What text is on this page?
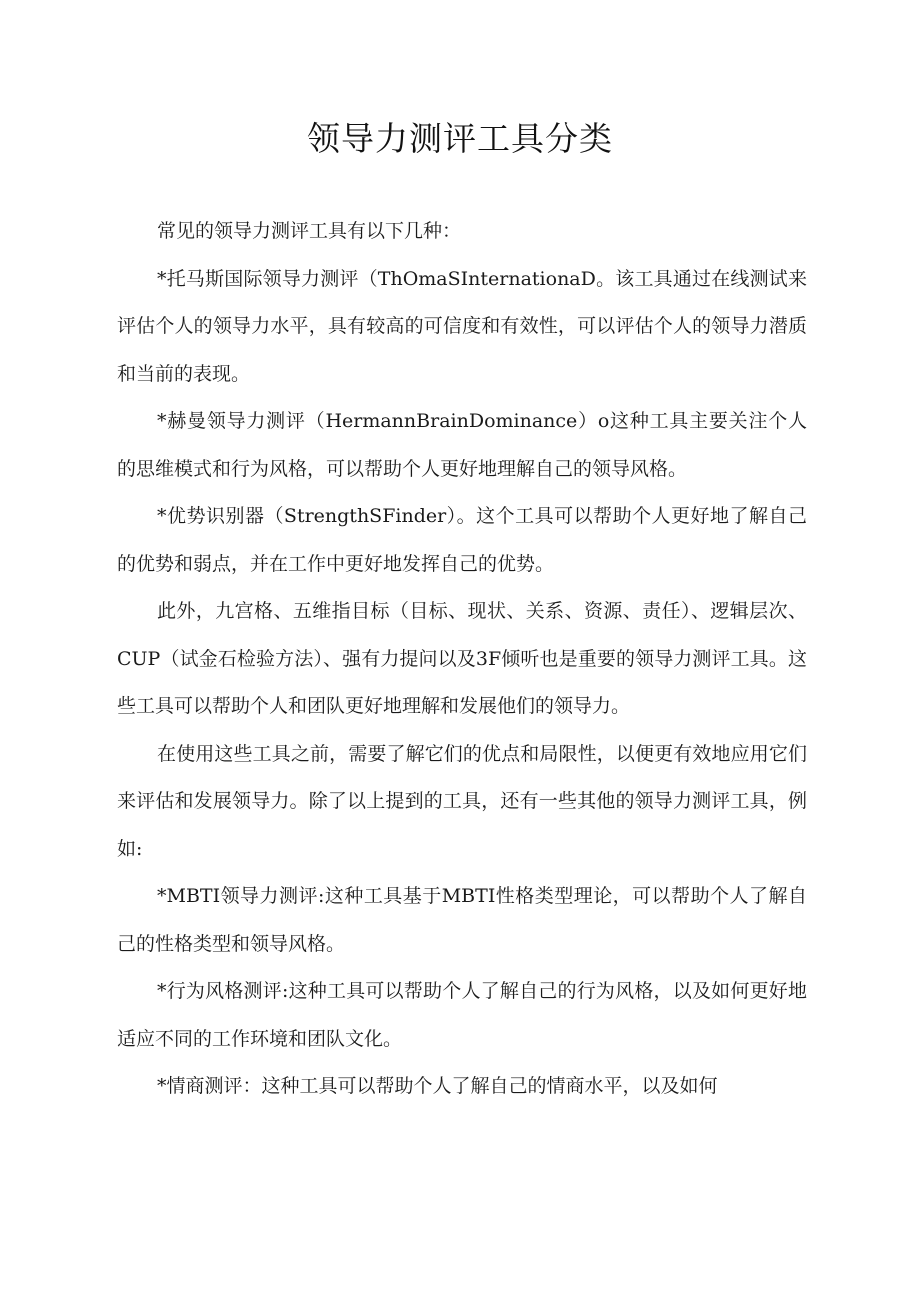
领导力测评工具分类

常见的领导力测评工具有以下几种：

*托马斯国际领导力测评（ThOmaSInternationaD。该工具通过在线测试来评估个人的领导力水平，具有较高的可信度和有效性，可以评估个人的领导力潜质和当前的表现。

*赫曼领导力测评（HermannBrainDominance）o这种工具主要关注个人的思维模式和行为风格，可以帮助个人更好地理解自己的领导风格。

*优势识别器（StrengthSFinder）。这个工具可以帮助个人更好地了解自己的优势和弱点，并在工作中更好地发挥自己的优势。

此外，九宫格、五维指目标（目标、现状、关系、资源、责任）、逻辑层次、CUP（试金石检验方法）、强有力提问以及3F倾听也是重要的领导力测评工具。这些工具可以帮助个人和团队更好地理解和发展他们的领导力。

在使用这些工具之前，需要了解它们的优点和局限性，以便更有效地应用它们来评估和发展领导力。除了以上提到的工具，还有一些其他的领导力测评工具，例如:

*MBTI领导力测评:这种工具基于MBTI性格类型理论，可以帮助个人了解自己的性格类型和领导风格。

*行为风格测评:这种工具可以帮助个人了解自己的行为风格，以及如何更好地适应不同的工作环境和团队文化。

*情商测评：这种工具可以帮助个人了解自己的情商水平，以及如何
